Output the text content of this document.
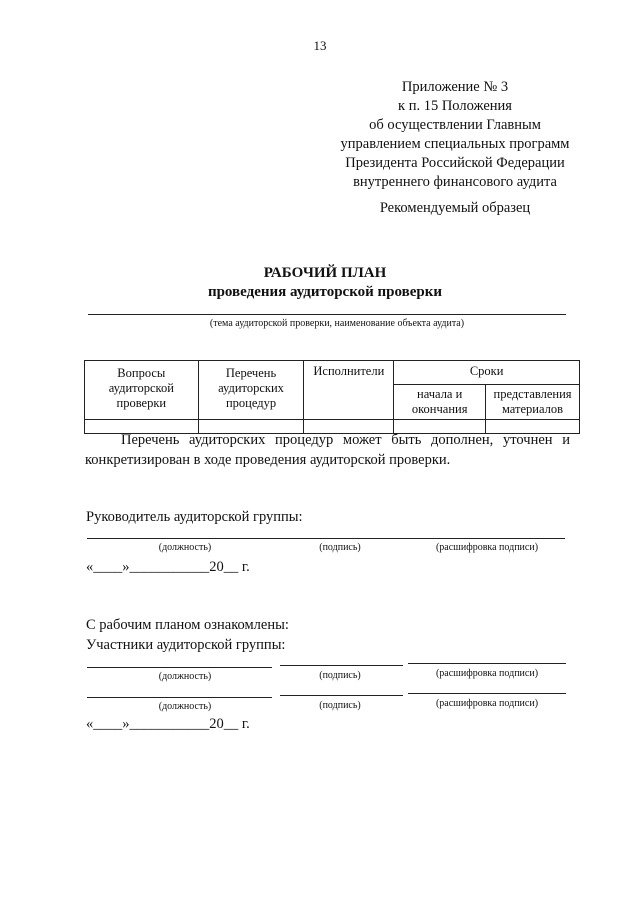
13
Приложение № 3
к п. 15 Положения
об осуществлении Главным
управлением специальных программ
Президента Российской Федерации
внутреннего финансового аудита
Рекомендуемый образец
РАБОЧИЙ ПЛАН
проведения аудиторской проверки
(тема аудиторской проверки, наименование объекта аудита)
Вопросы аудиторской проверки	Перечень аудиторских процедур	Исполнители	Сроки	
			начала и окончания	представления материалов

Перечень аудиторских процедур может быть дополнен, уточнен и конкретизирован в ходе проведения аудиторской проверки.
Руководитель аудиторской группы:
(должность)	(подпись)	(расшифровка подписи)
«____»___________20__ г.
С рабочим планом ознакомлены:
Участники аудиторской группы:
(должность)	(подпись)	(расшифровка подписи)
(должность)	(подпись)	(расшифровка подписи)
«____»___________20__ г.
